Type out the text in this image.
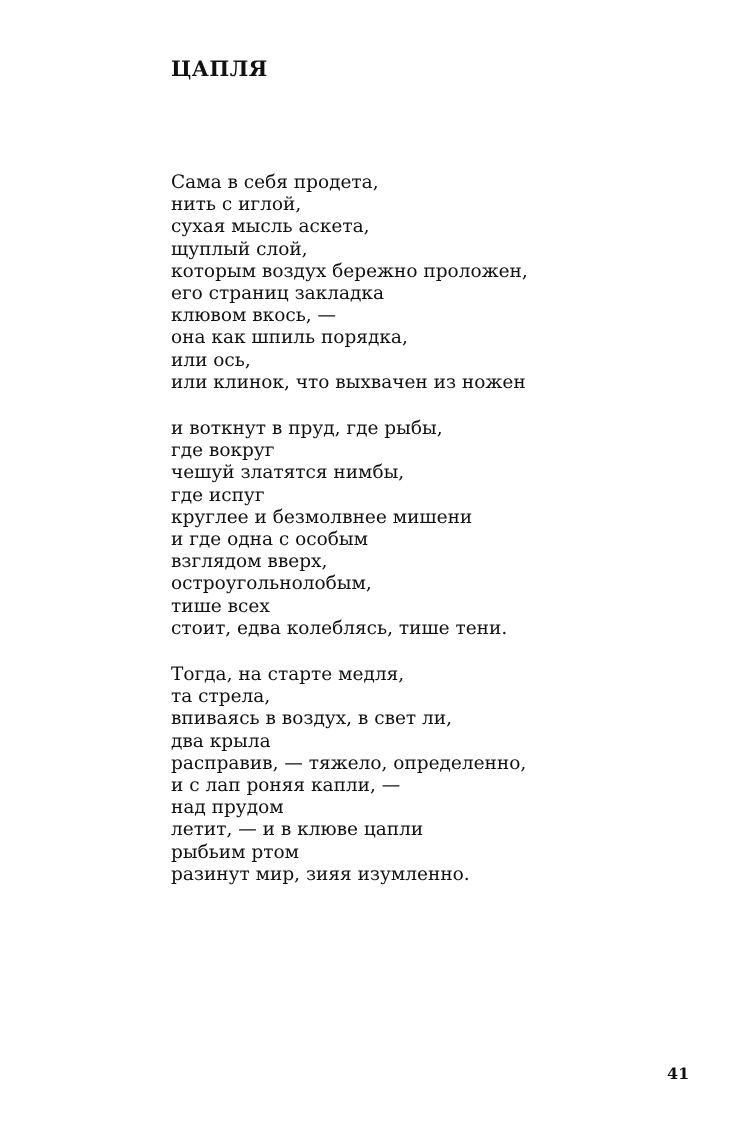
ЦАПЛЯ
Сама в себя продета,
нить с иглой,
сухая мысль аскета,
щуплый слой,
которым воздух бережно проложен,
его страниц закладка
клювом вкось, —
она как шпиль порядка,
или ось,
или клинок, что выхвачен из ножен
и воткнут в пруд, где рыбы,
где вокруг
чешуй златятся нимбы,
где испуг
круглее и безмолвнее мишени
и где одна с особым
взглядом вверх,
остроугольнолобым,
тише всех
стоит, едва колеблясь, тише тени.
Тогда, на старте медля,
та стрела,
впиваясь в воздух, в свет ли,
два крыла
расправив, — тяжело, определенно,
и с лап роняя капли, —
над прудом
летит, — и в клюве цапли
рыбьим ртом
разинут мир, зияя изумленно.
41
